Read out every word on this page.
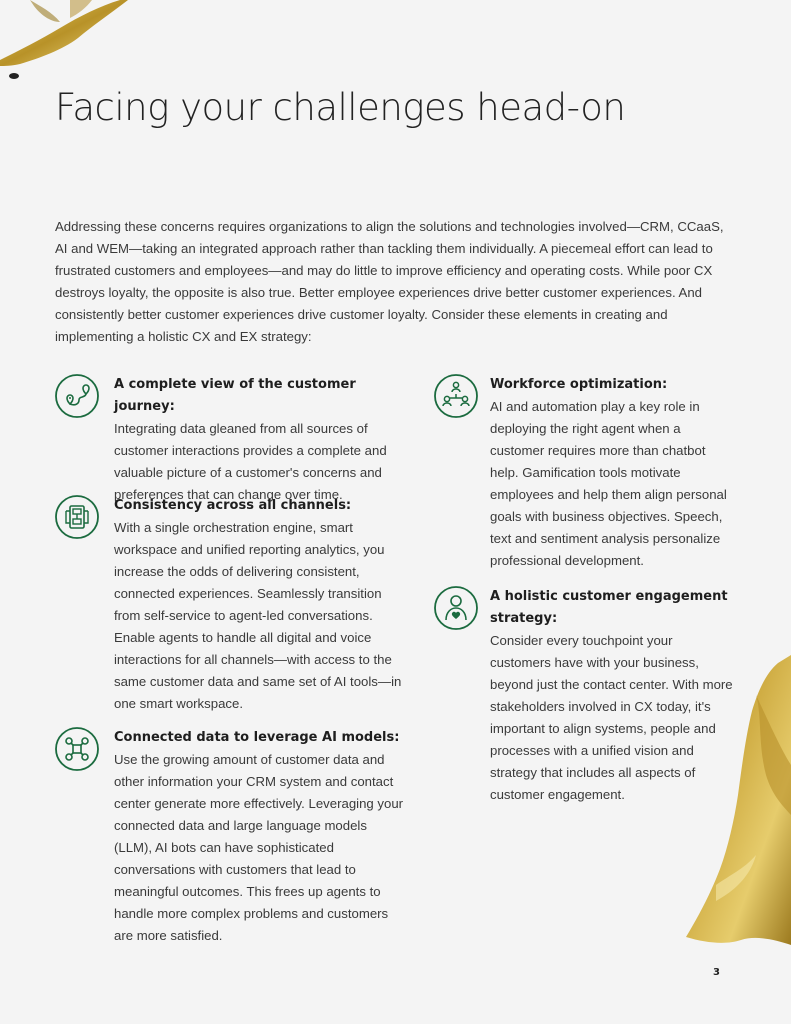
Facing your challenges head-on

Addressing these concerns requires organizations to align the solutions and technologies involved—CRM, CCaaS, AI and WEM—taking an integrated approach rather than tackling them individually. A piecemeal effort can lead to frustrated customers and employees—and may do little to improve efficiency and operating costs. While poor CX destroys loyalty, the opposite is also true. Better employee experiences drive better customer experiences. And consistently better customer experiences drive customer loyalty. Consider these elements in creating and implementing a holistic CX and EX strategy:

A complete view of the customer journey:

Integrating data gleaned from all sources of customer interactions provides a complete and valuable picture of a customer's concerns and preferences that can change over time.

Consistency across all channels:

With a single orchestration engine, smart workspace and unified reporting analytics, you increase the odds of delivering consistent, connected experiences. Seamlessly transition from self-service to agent-led conversations. Enable agents to handle all digital and voice interactions for all channels—with access to the same customer data and same set of AI tools—in one smart workspace.

Connected data to leverage AI models:

Use the growing amount of customer data and other information your CRM system and contact center generate more effectively. Leveraging your connected data and large language models (LLM), AI bots can have sophisticated conversations with customers that lead to meaningful outcomes. This frees up agents to handle more complex problems and customers are more satisfied.

Workforce optimization:

AI and automation play a key role in deploying the right agent when a customer requires more than chatbot help. Gamification tools motivate employees and help them align personal goals with business objectives. Speech, text and sentiment analysis personalize professional development.

A holistic customer engagement strategy:

Consider every touchpoint your customers have with your business, beyond just the contact center. With more stakeholders involved in CX today, it's important to align systems, people and processes with a unified vision and strategy that includes all aspects of customer engagement.

3
